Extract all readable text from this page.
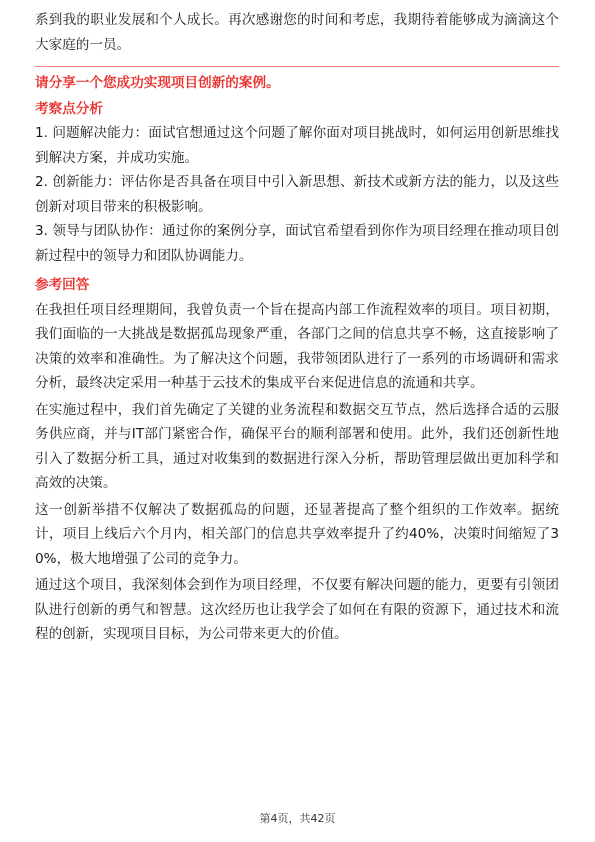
系到我的职业发展和个人成长。再次感谢您的时间和考虑，我期待着能够成为滴滴这个大家庭的一员。

请分享一个您成功实现项目创新的案例。

考察点分析

1. 问题解决能力：面试官想通过这个问题了解你面对项目挑战时，如何运用创新思维找到解决方案，并成功实施。

2. 创新能力：评估你是否具备在项目中引入新思想、新技术或新方法的能力，以及这些创新对项目带来的积极影响。

3. 领导与团队协作：通过你的案例分享，面试官希望看到你作为项目经理在推动项目创新过程中的领导力和团队协调能力。

参考回答

在我担任项目经理期间，我曾负责一个旨在提高内部工作流程效率的项目。项目初期，我们面临的一大挑战是数据孤岛现象严重，各部门之间的信息共享不畅，这直接影响了决策的效率和准确性。为了解决这个问题，我带领团队进行了一系列的市场调研和需求分析，最终决定采用一种基于云技术的集成平台来促进信息的流通和共享。

在实施过程中，我们首先确定了关键的业务流程和数据交互节点，然后选择合适的云服务供应商，并与IT部门紧密合作，确保平台的顺利部署和使用。此外，我们还创新性地引入了数据分析工具，通过对收集到的数据进行深入分析，帮助管理层做出更加科学和高效的决策。

这一创新举措不仅解决了数据孤岛的问题，还显著提高了整个组织的工作效率。据统计，项目上线后六个月内，相关部门的信息共享效率提升了约40%，决策时间缩短了30%，极大地增强了公司的竞争力。

通过这个项目，我深刻体会到作为项目经理，不仅要有解决问题的能力，更要有引领团队进行创新的勇气和智慧。这次经历也让我学会了如何在有限的资源下，通过技术和流程的创新，实现项目目标，为公司带来更大的价值。

第4页，共42页
